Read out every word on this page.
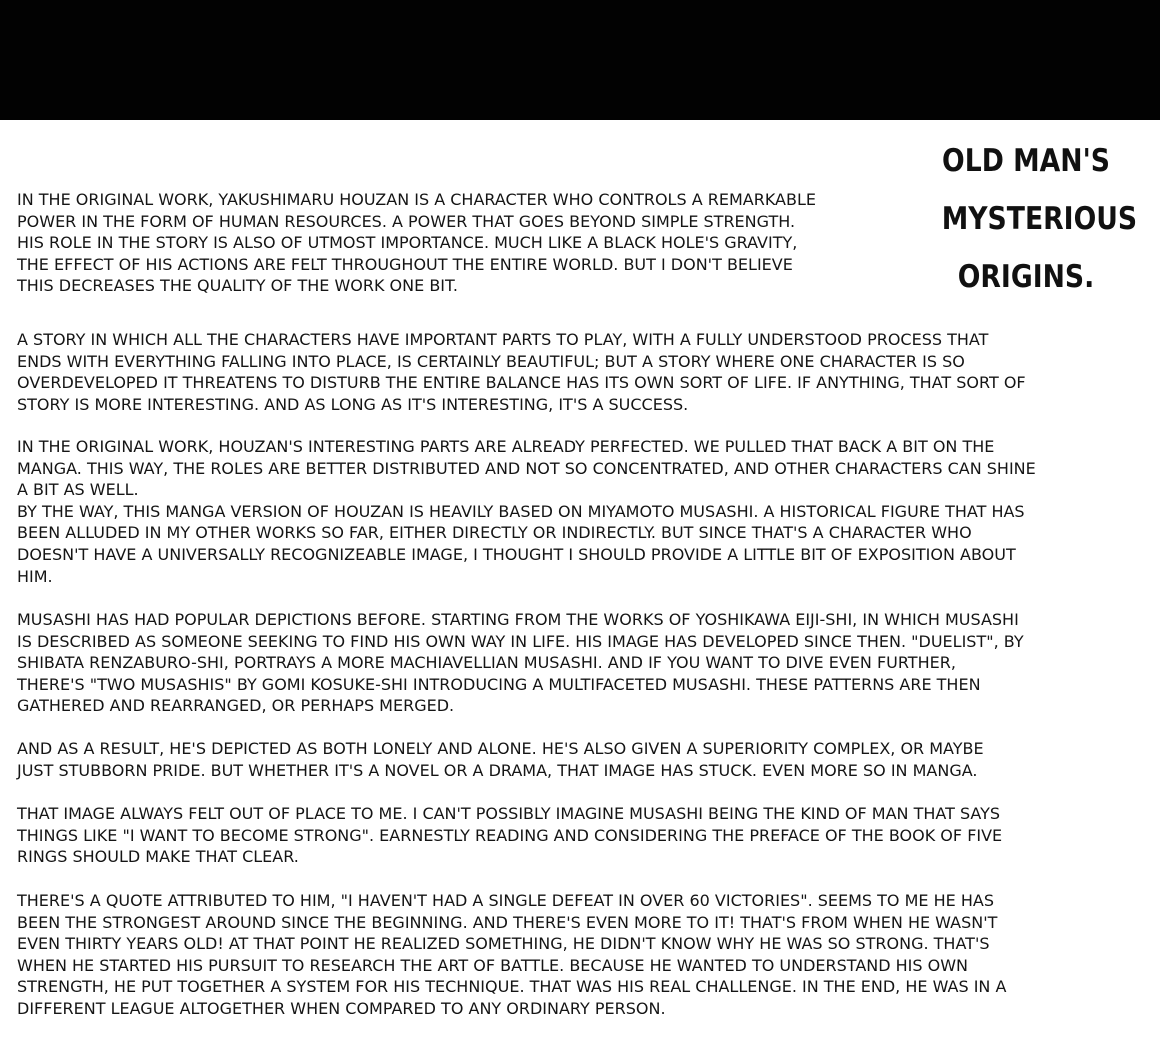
OLD MAN'S
MYSTERIOUS
ORIGINS.

IN THE ORIGINAL WORK, YAKUSHIMARU HOUZAN IS A CHARACTER WHO CONTROLS A REMARKABLE
POWER IN THE FORM OF HUMAN RESOURCES. A POWER THAT GOES BEYOND SIMPLE STRENGTH.
HIS ROLE IN THE STORY IS ALSO OF UTMOST IMPORTANCE. MUCH LIKE A BLACK HOLE'S GRAVITY,
THE EFFECT OF HIS ACTIONS ARE FELT THROUGHOUT THE ENTIRE WORLD. BUT I DON'T BELIEVE
THIS DECREASES THE QUALITY OF THE WORK ONE BIT.

A STORY IN WHICH ALL THE CHARACTERS HAVE IMPORTANT PARTS TO PLAY, WITH A FULLY UNDERSTOOD PROCESS THAT
ENDS WITH EVERYTHING FALLING INTO PLACE, IS CERTAINLY BEAUTIFUL; BUT A STORY WHERE ONE CHARACTER IS SO
OVERDEVELOPED IT THREATENS TO DISTURB THE ENTIRE BALANCE HAS ITS OWN SORT OF LIFE. IF ANYTHING, THAT SORT OF
STORY IS MORE INTERESTING. AND AS LONG AS IT'S INTERESTING, IT'S A SUCCESS.

IN THE ORIGINAL WORK, HOUZAN'S INTERESTING PARTS ARE ALREADY PERFECTED. WE PULLED THAT BACK A BIT ON THE
MANGA. THIS WAY, THE ROLES ARE BETTER DISTRIBUTED AND NOT SO CONCENTRATED, AND OTHER CHARACTERS CAN SHINE
A BIT AS WELL.
BY THE WAY, THIS MANGA VERSION OF HOUZAN IS HEAVILY BASED ON MIYAMOTO MUSASHI. A HISTORICAL FIGURE THAT HAS
BEEN ALLUDED IN MY OTHER WORKS SO FAR, EITHER DIRECTLY OR INDIRECTLY. BUT SINCE THAT'S A CHARACTER WHO
DOESN'T HAVE A UNIVERSALLY RECOGNIZEABLE IMAGE, I THOUGHT I SHOULD PROVIDE A LITTLE BIT OF EXPOSITION ABOUT
HIM.

MUSASHI HAS HAD POPULAR DEPICTIONS BEFORE. STARTING FROM THE WORKS OF YOSHIKAWA EIJI-SHI, IN WHICH MUSASHI
IS DESCRIBED AS SOMEONE SEEKING TO FIND HIS OWN WAY IN LIFE. HIS IMAGE HAS DEVELOPED SINCE THEN. "DUELIST", BY
SHIBATA RENZABURO-SHI, PORTRAYS A MORE MACHIAVELLIAN MUSASHI. AND IF YOU WANT TO DIVE EVEN FURTHER,
THERE'S "TWO MUSASHIS" BY GOMI KOSUKE-SHI INTRODUCING A MULTIFACETED MUSASHI. THESE PATTERNS ARE THEN
GATHERED AND REARRANGED, OR PERHAPS MERGED.

AND AS A RESULT, HE'S DEPICTED AS BOTH LONELY AND ALONE. HE'S ALSO GIVEN A SUPERIORITY COMPLEX, OR MAYBE
JUST STUBBORN PRIDE. BUT WHETHER IT'S A NOVEL OR A DRAMA, THAT IMAGE HAS STUCK. EVEN MORE SO IN MANGA.

THAT IMAGE ALWAYS FELT OUT OF PLACE TO ME. I CAN'T POSSIBLY IMAGINE MUSASHI BEING THE KIND OF MAN THAT SAYS
THINGS LIKE "I WANT TO BECOME STRONG". EARNESTLY READING AND CONSIDERING THE PREFACE OF THE BOOK OF FIVE
RINGS SHOULD MAKE THAT CLEAR.

THERE'S A QUOTE ATTRIBUTED TO HIM, "I HAVEN'T HAD A SINGLE DEFEAT IN OVER 60 VICTORIES". SEEMS TO ME HE HAS
BEEN THE STRONGEST AROUND SINCE THE BEGINNING. AND THERE'S EVEN MORE TO IT! THAT'S FROM WHEN HE WASN'T
EVEN THIRTY YEARS OLD! AT THAT POINT HE REALIZED SOMETHING, HE DIDN'T KNOW WHY HE WAS SO STRONG. THAT'S
WHEN HE STARTED HIS PURSUIT TO RESEARCH THE ART OF BATTLE. BECAUSE HE WANTED TO UNDERSTAND HIS OWN
STRENGTH, HE PUT TOGETHER A SYSTEM FOR HIS TECHNIQUE. THAT WAS HIS REAL CHALLENGE. IN THE END, HE WAS IN A
DIFFERENT LEAGUE ALTOGETHER WHEN COMPARED TO ANY ORDINARY PERSON.
